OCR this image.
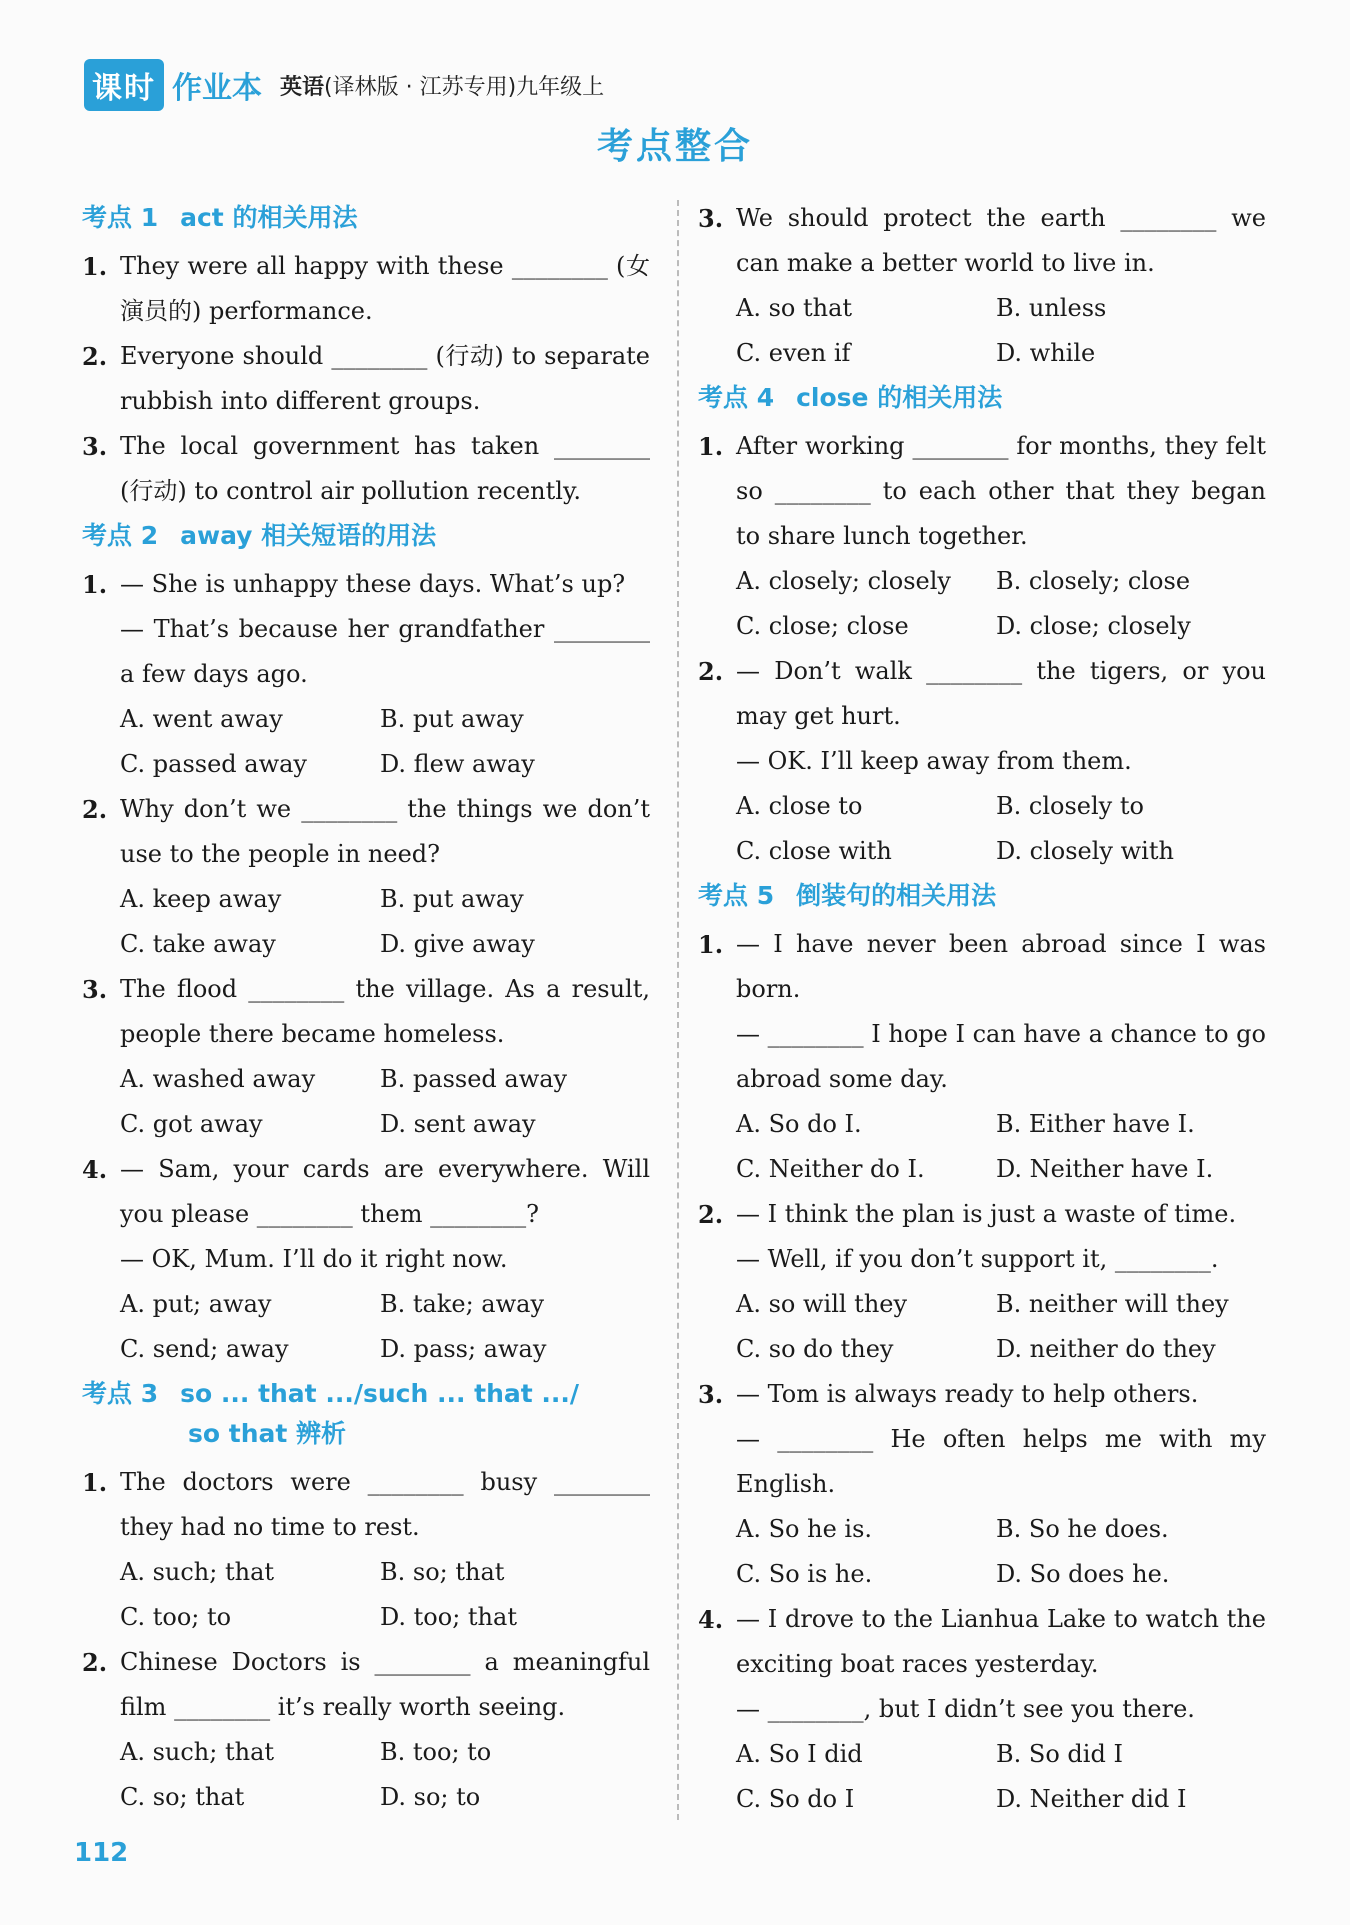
课时 作业本 英语(译林版 · 江苏专用)九年级上
考点整合
考点 1 act 的相关用法
1. They were all happy with these ________ (女演员的) performance.
2. Everyone should ________ (行动) to separate rubbish into different groups.
3. The local government has taken ________ (行动) to control air pollution recently.
考点 2 away 相关短语的用法
1. — She is unhappy these days. What’s up?
— That’s because her grandfather ________ a few days ago.
A. went away	B. put away
C. passed away	D. flew away
2. Why don’t we ________ the things we don’t use to the people in need?
A. keep away	B. put away
C. take away	D. give away
3. The flood ________ the village. As a result, people there became homeless.
A. washed away	B. passed away
C. got away	D. sent away
4. — Sam, your cards are everywhere. Will you please ________ them ________?
— OK, Mum. I’ll do it right now.
A. put; away	B. take; away
C. send; away	D. pass; away
考点 3 so ... that .../such ... that .../
so that 辨析
1. The doctors were ________ busy ________ they had no time to rest.
A. such; that	B. so; that
C. too; to	D. too; that
2. Chinese Doctors is ________ a meaningful film ________ it’s really worth seeing.
A. such; that	B. too; to
C. so; that	D. so; to
3. We should protect the earth ________ we can make a better world to live in.
A. so that	B. unless
C. even if	D. while
考点 4 close 的相关用法
1. After working ________ for months, they felt so ________ to each other that they began to share lunch together.
A. closely; closely	B. closely; close
C. close; close	D. close; closely
2. — Don’t walk ________ the tigers, or you may get hurt.
— OK. I’ll keep away from them.
A. close to	B. closely to
C. close with	D. closely with
考点 5 倒装句的相关用法
1. — I have never been abroad since I was born.
— ________ I hope I can have a chance to go abroad some day.
A. So do I.	B. Either have I.
C. Neither do I.	D. Neither have I.
2. — I think the plan is just a waste of time.
— Well, if you don’t support it, ________.
A. so will they	B. neither will they
C. so do they	D. neither do they
3. — Tom is always ready to help others.
— ________ He often helps me with my English.
A. So he is.	B. So he does.
C. So is he.	D. So does he.
4. — I drove to the Lianhua Lake to watch the exciting boat races yesterday.
— ________, but I didn’t see you there.
A. So I did	B. So did I
C. So do I	D. Neither did I
112
